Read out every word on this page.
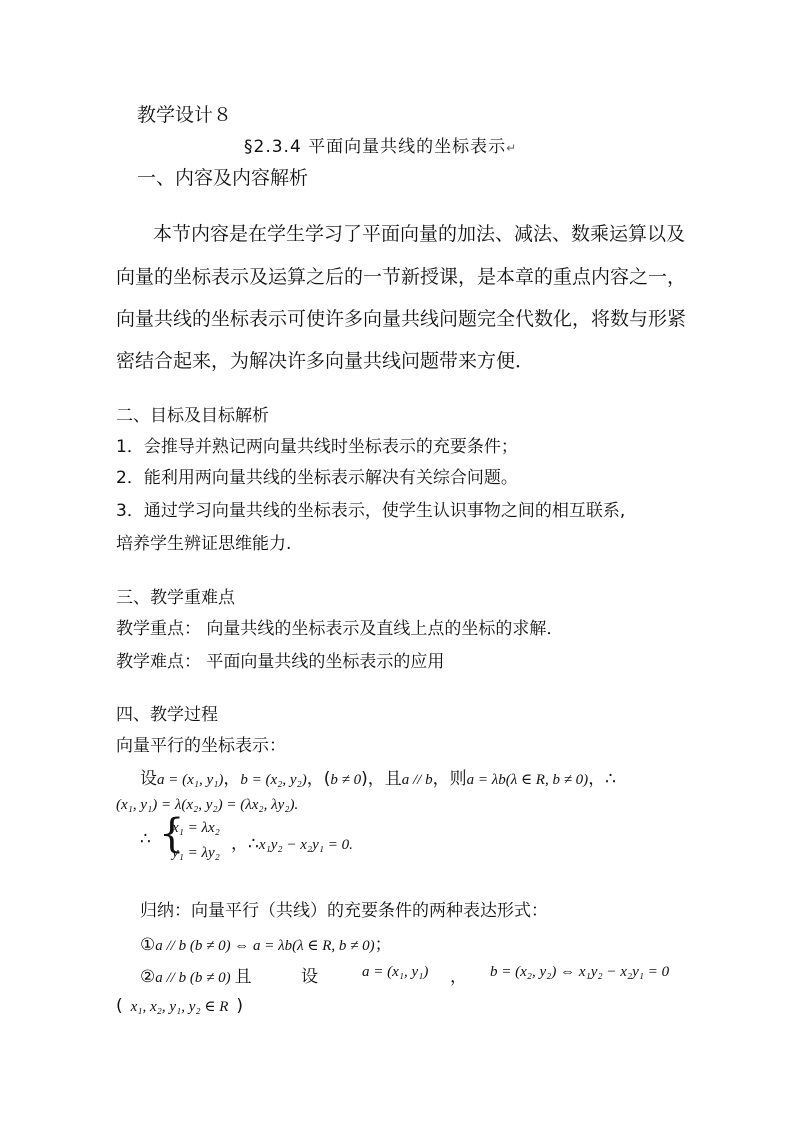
教学设计８
§2.3.4 平面向量共线的坐标表示↵
一、内容及内容解析
本节内容是在学生学习了平面向量的加法、减法、数乘运算以及
向量的坐标表示及运算之后的一节新授课，是本章的重点内容之一，
向量共线的坐标表示可使许多向量共线问题完全代数化，将数与形紧
密结合起来，为解决许多向量共线问题带来方便．
二、目标及目标解析
1．会推导并熟记两向量共线时坐标表示的充要条件；
2．能利用两向量共线的坐标表示解决有关综合问题。
3．通过学习向量共线的坐标表示，使学生认识事物之间的相互联系,
培养学生辨证思维能力.
三、教学重难点
教学重点： 向量共线的坐标表示及直线上点的坐标的求解．
教学难点： 平面向量共线的坐标表示的应用
四、教学过程
向量平行的坐标表示：
设a = (x₁, y₁)，b = (x₂, y₂)，(b ≠ 0)，且a // b，则a = λb(λ ∈ R, b ≠ 0)，∴
(x₁, y₁) = λ(x₂, y₂) = (λx₂, λy₂).
∴ {
x₁ = λx₂
y₁ = λy₂ ，∴x₁y₂ − x₂y₁ = 0.
归纳：向量平行（共线）的充要条件的两种表达形式：
①a // b (b ≠ 0) ⇔ a = λb(λ ∈ R, b ≠ 0)；
②a // b (b ≠ 0) 且	设	a = (x₁, y₁) ， b = (x₂, y₂) ⇔ x₁y₂ − x₂y₁ = 0
( x₁, x₂, y₁, y₂ ∈ R )
